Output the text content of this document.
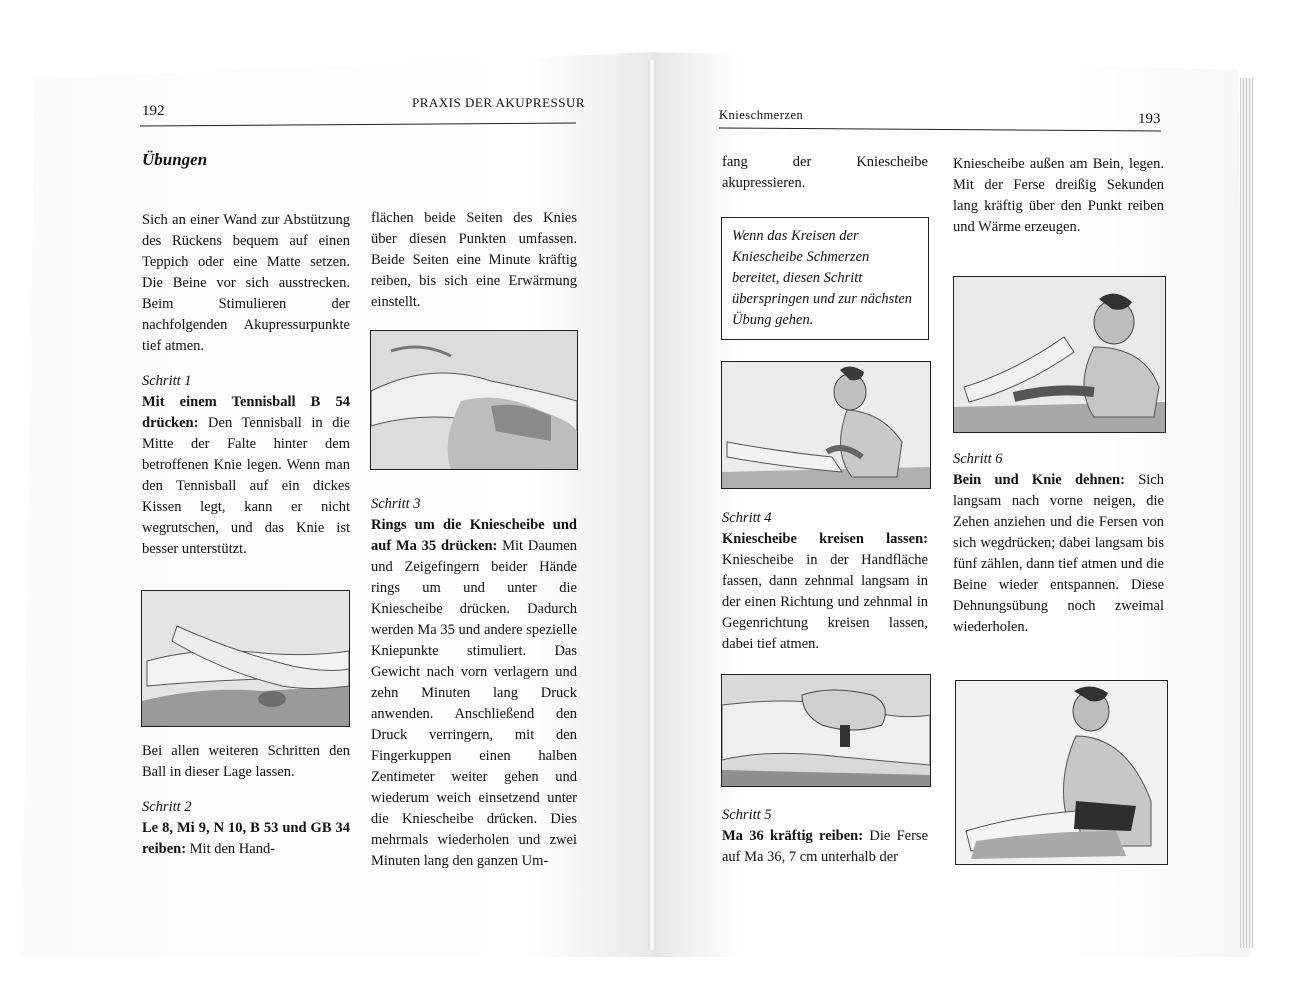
192
PRAXIS DER AKUPRESSUR
Übungen
Sich an einer Wand zur Abstützung des Rückens bequem auf einen Teppich oder eine Matte setzen. Die Beine vor sich ausstrecken. Beim Stimulieren der nachfolgenden Akupressurpunkte tief atmen.
Schritt 1
Mit einem Tennisball B 54 drücken: Den Tennisball in die Mitte der Falte hinter dem betroffenen Knie legen. Wenn man den Tennisball auf ein dickes Kissen legt, kann er nicht wegrutschen, und das Knie ist besser unterstützt.
Bei allen weiteren Schritten den Ball in dieser Lage lassen.
Schritt 2
Le 8, Mi 9, N 10, B 53 und GB 34 reiben: Mit den Hand-
flächen beide Seiten des Knies über diesen Punkten umfassen. Beide Seiten eine Minute kräftig reiben, bis sich eine Erwärmung einstellt.
Schritt 3
Rings um die Kniescheibe und auf Ma 35 drücken: Mit Daumen und Zeigefingern beider Hände rings um und unter die Kniescheibe drücken. Dadurch werden Ma 35 und andere spezielle Kniepunkte stimuliert. Das Gewicht nach vorn verlagern und zehn Minuten lang Druck anwenden. Anschließend den Druck verringern, mit den Fingerkuppen einen halben Zentimeter weiter gehen und wiederum weich einsetzend unter die Kniescheibe drücken. Dies mehrmals wiederholen und zwei Minuten lang den ganzen Um-
Knieschmerzen	193
fang der Kniescheibe akupressieren.
Wenn das Kreisen der Kniescheibe Schmerzen bereitet, diesen Schritt überspringen und zur nächsten Übung gehen.
Schritt 4
Kniescheibe kreisen lassen: Kniescheibe in der Handfläche fassen, dann zehnmal langsam in der einen Richtung und zehnmal in Gegenrichtung kreisen lassen, dabei tief atmen.
Schritt 5
Ma 36 kräftig reiben: Die Ferse auf Ma 36, 7 cm unterhalb der
Kniescheibe außen am Bein, legen. Mit der Ferse dreißig Sekunden lang kräftig über den Punkt reiben und Wärme erzeugen.
Schritt 6
Bein und Knie dehnen: Sich langsam nach vorne neigen, die Zehen anziehen und die Fersen von sich wegdrücken; dabei langsam bis fünf zählen, dann tief atmen und die Beine wieder entspannen. Diese Dehnungsübung noch zweimal wiederholen.
